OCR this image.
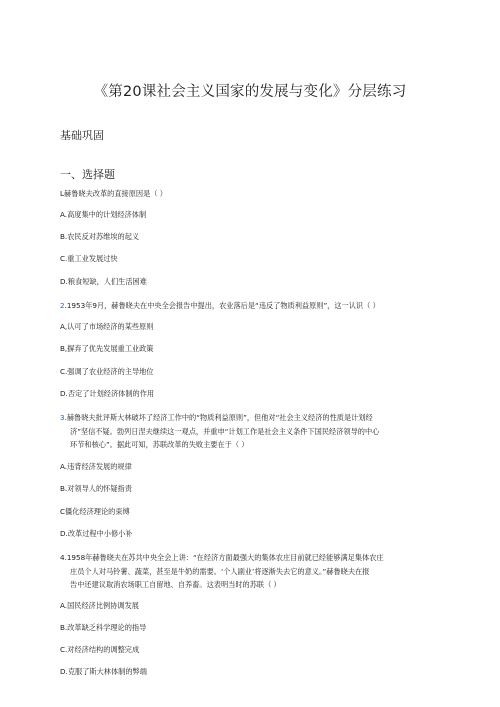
《第20课社会主义国家的发展与变化》分层练习
基础巩固
一、选择题
L赫鲁晓夫改革的直接原因是（ ）
A.高度集中的计划经济体制
B.农民反对苏维埃的起义
C.重工业发展过快
D.粮食短缺，人们生活困难
2.1953年9月，赫鲁晓夫在中央全会报告中提出，农业落后是“违反了物质利益原则”，这一认识（ ）
A,认可了市场经济的某些原则
B,摒弃了优先发展重工业政策
C.强调了农业经济的主导地位
D.否定了计划经济体制的作用
3.赫鲁晓夫批评斯大林破坏了经济工作中的“物质利益原则”，但他对“社会主义经济的性质是计划经
济”坚信不疑。勃列日涅夫继续这一观点，并重申“计划工作是社会主义条件下国民经济领导的中心
环节和核心”。据此可知，苏联改革的失败主要在于（ ）
A.违背经济发展的规律
B.对领导人的怀疑指责
C僵化经济理论的束缚
D.改革过程中小修小补
4.1958年赫鲁晓夫在苏共中央全会上讲：“在经济方面最强大的集体农庄目前就已经能够满足集体农庄
庄员个人对马铃薯、蔬菜，甚至是牛奶的需要。‘个人副业’将逐渐失去它的意义。”赫鲁晓夫在报
告中还建议取消农场职工自留地、自养畜。这表明当时的苏联（ ）
A.国民经济比例协调发展
B.改革缺乏科学理论的指导
C.对经济结构的调整完成
D.克服了斯大林体制的弊端
